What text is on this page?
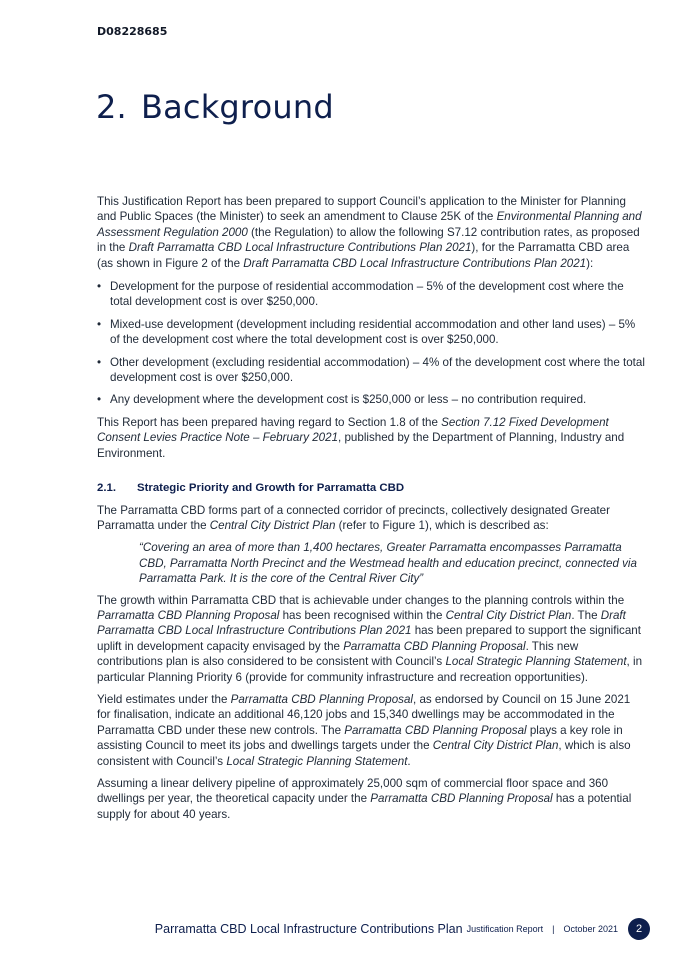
D08228685
2. Background

This Justification Report has been prepared to support Council’s application to the Minister for Planning and Public Spaces (the Minister) to seek an amendment to Clause 25K of the Environmental Planning and Assessment Regulation 2000 (the Regulation) to allow the following S7.12 contribution rates, as proposed in the Draft Parramatta CBD Local Infrastructure Contributions Plan 2021), for the Parramatta CBD area (as shown in Figure 2 of the Draft Parramatta CBD Local Infrastructure Contributions Plan 2021):

• Development for the purpose of residential accommodation – 5% of the development cost where the total development cost is over $250,000.
• Mixed-use development (development including residential accommodation and other land uses) – 5% of the development cost where the total development cost is over $250,000.
• Other development (excluding residential accommodation) – 4% of the development cost where the total development cost is over $250,000.
• Any development where the development cost is $250,000 or less – no contribution required.

This Report has been prepared having regard to Section 1.8 of the Section 7.12 Fixed Development Consent Levies Practice Note – February 2021, published by the Department of Planning, Industry and Environment.

2.1. Strategic Priority and Growth for Parramatta CBD

The Parramatta CBD forms part of a connected corridor of precincts, collectively designated Greater Parramatta under the Central City District Plan (refer to Figure 1), which is described as:

“Covering an area of more than 1,400 hectares, Greater Parramatta encompasses Parramatta CBD, Parramatta North Precinct and the Westmead health and education precinct, connected via Parramatta Park. It is the core of the Central River City”

The growth within Parramatta CBD that is achievable under changes to the planning controls within the Parramatta CBD Planning Proposal has been recognised within the Central City District Plan. The Draft Parramatta CBD Local Infrastructure Contributions Plan 2021 has been prepared to support the significant uplift in development capacity envisaged by the Parramatta CBD Planning Proposal. This new contributions plan is also considered to be consistent with Council’s Local Strategic Planning Statement, in particular Planning Priority 6 (provide for community infrastructure and recreation opportunities).

Yield estimates under the Parramatta CBD Planning Proposal, as endorsed by Council on 15 June 2021 for finalisation, indicate an additional 46,120 jobs and 15,340 dwellings may be accommodated in the Parramatta CBD under these new controls. The Parramatta CBD Planning Proposal plays a key role in assisting Council to meet its jobs and dwellings targets under the Central City District Plan, which is also consistent with Council’s Local Strategic Planning Statement.

Assuming a linear delivery pipeline of approximately 25,000 sqm of commercial floor space and 360 dwellings per year, the theoretical capacity under the Parramatta CBD Planning Proposal has a potential supply for about 40 years.

Parramatta CBD Local Infrastructure Contributions Plan Justification Report | October 2021	2
